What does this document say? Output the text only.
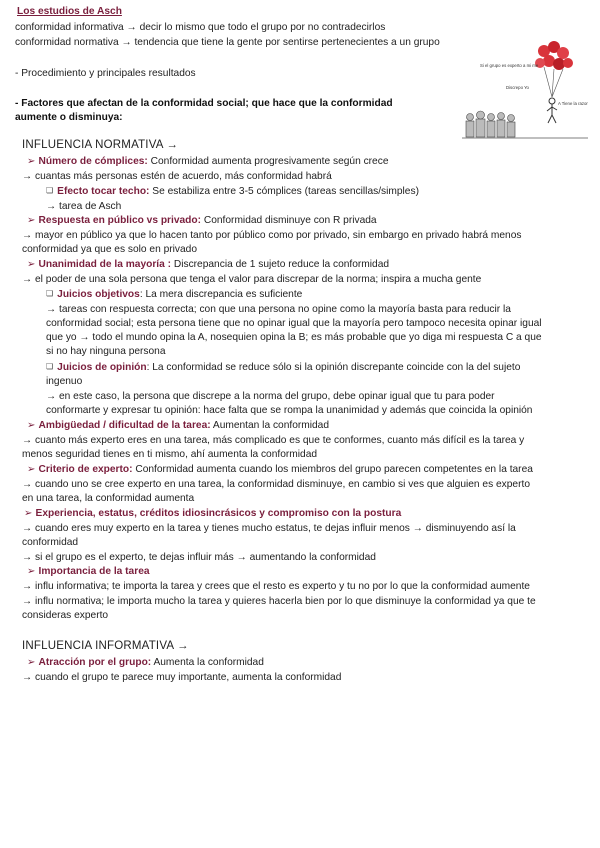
Los estudios de Asch
conformidad informativa → decir lo mismo que todo el grupo por no contradecirlos
conformidad normativa → tendencia que tiene la gente por sentirse pertenecientes a un grupo
- Procedimiento y principales resultados
- Factores que afectan de la conformidad social; que hace que la conformidad
aumente o disminuya:
Si el grupo es experto a mi me
Discrepo Yo
A Tiene la razon
INFLUENCIA NORMATIVA →
➢ Número de cómplices: Conformidad aumenta progresivamente según crece
→ cuantas más personas estén de acuerdo, más conformidad habrá
❏ Efecto tocar techo: Se estabiliza entre 3-5 cómplices (tareas sencillas/simples)
→ tarea de Asch
➢ Respuesta en público vs privado: Conformidad disminuye con R privada
→ mayor en público ya que lo hacen tanto por público como por privado, sin embargo en privado habrá menos
conformidad ya que es solo en privado
➢ Unanimidad de la mayoría : Discrepancia de 1 sujeto reduce la conformidad
→ el poder de una sola persona que tenga el valor para discrepar de la norma; inspira a mucha gente
❏ Juicios objetivos: La mera discrepancia es suficiente
→ tareas con respuesta correcta; con que una persona no opine como la mayoría basta para reducir la
conformidad social; esta persona tiene que no opinar igual que la mayoría pero tampoco necesita opinar igual
que yo → todo el mundo opina la A, nosequien opina la B; es más probable que yo diga mi respuesta C a que
si no hay ninguna persona
❏ Juicios de opinión: La conformidad se reduce sólo si la opinión discrepante coincide con la del sujeto
ingenuo
→ en este caso, la persona que discrepe a la norma del grupo, debe opinar igual que tu para poder
conformarte y expresar tu opinión: hace falta que se rompa la unanimidad y además que coincida la opinión
➢ Ambigüedad / dificultad de la tarea: Aumentan la conformidad
→ cuanto más experto eres en una tarea, más complicado es que te conformes, cuanto más difícil es la tarea y
menos seguridad tienes en ti mismo, ahí aumenta la conformidad
➢ Criterio de experto: Conformidad aumenta cuando los miembros del grupo parecen competentes en la tarea
→ cuando uno se cree experto en una tarea, la conformidad disminuye, en cambio si ves que alguien es experto
en una tarea, la conformidad aumenta
➢ Experiencia, estatus, créditos idiosincrásicos y compromiso con la postura
→ cuando eres muy experto en la tarea y tienes mucho estatus, te dejas influir menos → disminuyendo así la
conformidad
→ si el grupo es el experto, te dejas influir más → aumentando la conformidad
➢ Importancia de la tarea
→ influ informativa; te importa la tarea y crees que el resto es experto y tu no por lo que la conformidad aumente
→ influ normativa; le importa mucho la tarea y quieres hacerla bien por lo que disminuye la conformidad ya que te
consideras experto
INFLUENCIA INFORMATIVA →
➢ Atracción por el grupo: Aumenta la conformidad
→ cuando el grupo te parece muy importante, aumenta la conformidad
